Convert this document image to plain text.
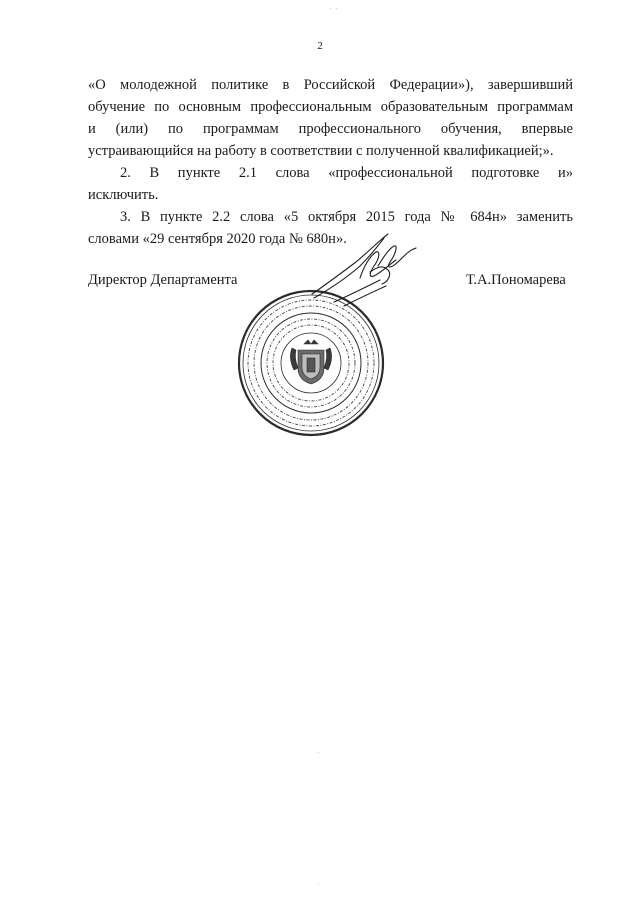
2
«О молодежной политике в Российской Федерации»), завершивший
обучение по основным профессиональным образовательным программам
и (или) по программам профессионального обучения, впервые
устраивающийся на работу в соответствии с полученной квалификацией;».
2. В пункте 2.1 слова «профессиональной подготовке и»
исключить.
3. В пункте 2.2 слова «5 октября 2015 года № 684н» заменить
словами «29 сентября 2020 года № 680н».
Директор Департамента	Т.А.Пономарева
